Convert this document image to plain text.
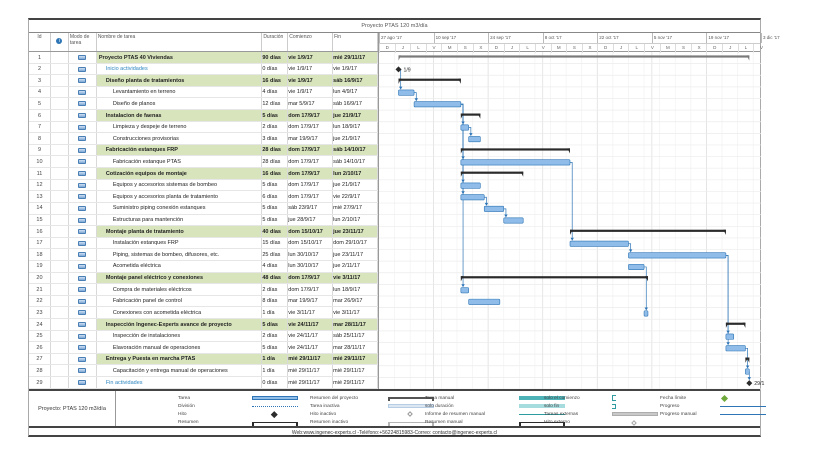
Proyecto PTAS 120 m3/día
Id
i
Modo de tarea
Nombre de tarea	Duración	Comienzo	Fin
1	Proyecto PTAS 40 Viviendas	90 días	vie 1/9/17	mié 29/11/17
2	Inicio actividades	0 días	vie 1/9/17	vie 1/9/17
3	Diseño planta de tratamientos	16 días	vie 1/9/17	sáb 16/9/17
4	Levantamiento en terreno	4 días	vie 1/9/17	lun 4/9/17
5	Diseño de planos	12 días	mar 5/9/17	sáb 16/9/17
6	Instalacion de faenas	5 días	dom 17/9/17	jue 21/9/17
7	Limpieza y despeje de terreno	2 días	dom 17/9/17	lun 18/9/17
8	Construcciones provisorias	3 días	mar 19/9/17	jue 21/9/17
9	Fabricación estanques FRP	28 días	dom 17/9/17	sáb 14/10/17
10	Fabricación estanque PTAS	28 días	dom 17/9/17	sáb 14/10/17
11	Cotización equipos de montaje	16 días	dom 17/9/17	lun 2/10/17
12	Equipos y accesorios sistemas de bombeo	5 días	dom 17/9/17	jue 21/9/17
13	Equipos y accesorios planta de tratamiento	6 días	dom 17/9/17	vie 22/9/17
14	Suministro piping conexión estanques	5 días	sáb 23/9/17	mié 27/9/17
15	Estructuras para mantención	5 días	jue 28/9/17	lun 2/10/17
16	Montaje planta de tratamiento	40 días	dom 15/10/17	jue 23/11/17
17	Instalación estanques FRP	15 días	dom 15/10/17	dom 29/10/17
18	Piping, sistemas de bombeo, difusores, etc.	25 días	lun 30/10/17	jue 23/11/17
19	Acometida eléctrica	4 días	lun 30/10/17	jue 2/11/17
20	Montaje panel eléctrico y conexiones	48 días	dom 17/9/17	vie 3/11/17
21	Compra de materiales eléctricos	2 días	dom 17/9/17	lun 18/9/17
22	Fabricación panel de control	8 días	mar 19/9/17	mar 26/9/17
23	Conexiones con acometida eléctrica	1 día	vie 3/11/17	vie 3/11/17
24	Inspección Ingenec-Experts avance de proyecto	5 días	vie 24/11/17	mar 28/11/17
25	Inspección de instalaciones	2 días	vie 24/11/17	sáb 25/11/17
26	Elavoración manual de operaciones	5 días	vie 24/11/17	mar 28/11/17
27	Entrega y Puesta en marcha PTAS	1 día	mié 29/11/17	mié 29/11/17
28	Capacitación y entrega manual de operaciones	1 día	mié 29/11/17	mié 29/11/17
29	Fin actividades	0 días	mié 29/11/17	mié 29/11/17
27 ago '17	10 sep '17	24 sep '17	8 oct '17	22 oct '17	5 nov '17	19 nov '17	3 dic '17
D	J	L	V	M	S	X	D	J	L	V	M	S	X	D	J	L	V	M	S	X	D	J	L	V
1/9
29/1
Proyecto: PTAS 120 m3/día
Tarea
División
Hito
Resumen
Resumen del proyecto
Tarea inactiva
Hito inactivo
Resumen inactivo
Tarea manual
solo duración
Informe de resumen manual
Resumen manual
solo el comienzo
solo fin
Tareas externas
Hito externo
Fecha límite
Progreso
Progreso manual
Web:www.ingenec-experts.cl -Teléfono:+56224815983-Correo: contacto@ingenec-experts.cl
